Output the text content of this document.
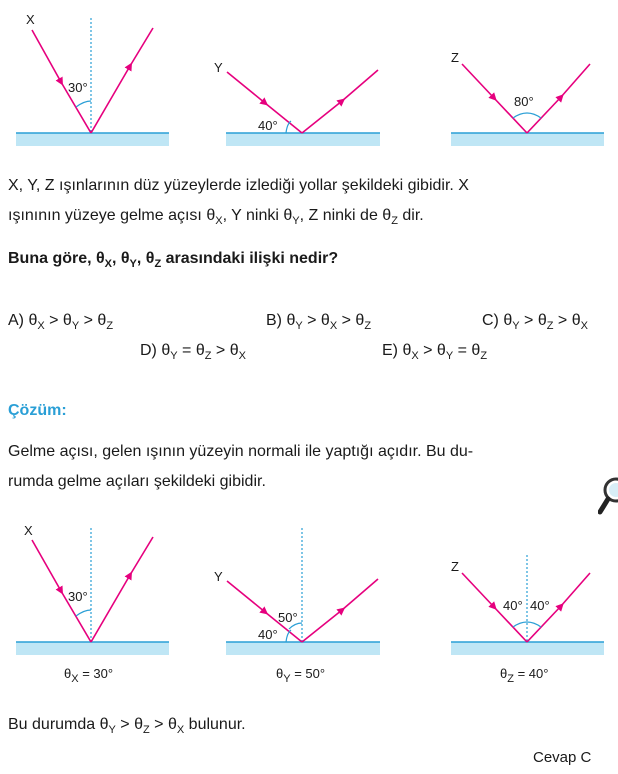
X
30°
Y
40°
Z
80°
X
30°
Y
50°
40°
Z
40° 40°
$\theta_X = 30^\circ$	$\theta_Y = 50^\circ$	$\theta_Z = 40^\circ$
X, Y, Z ışınlarının düz yüzeylerde izlediği yollar şekildeki gibidir. X
ışınının yüzeye gelme açısı $\theta_X$, Y ninki $\theta_Y$, Z ninki de $\theta_Z$ dir.
Buna göre, $\theta_X$, $\theta_Y$, $\theta_Z$ arasındaki ilişki nedir?
A) $\theta_X > \theta_Y > \theta_Z$	B) $\theta_Y > \theta_X > \theta_Z$	C) $\theta_Y > \theta_Z > \theta_X$
D) $\theta_Y = \theta_Z > \theta_X$	E) $\theta_X > \theta_Y = \theta_Z$
Çözüm:
Gelme açısı, gelen ışının yüzeyin normali ile yaptığı açıdır. Bu du-
rumda gelme açıları şekildeki gibidir.
Bu durumda $\theta_Y > \theta_Z > \theta_X$ bulunur.
Cevap C
